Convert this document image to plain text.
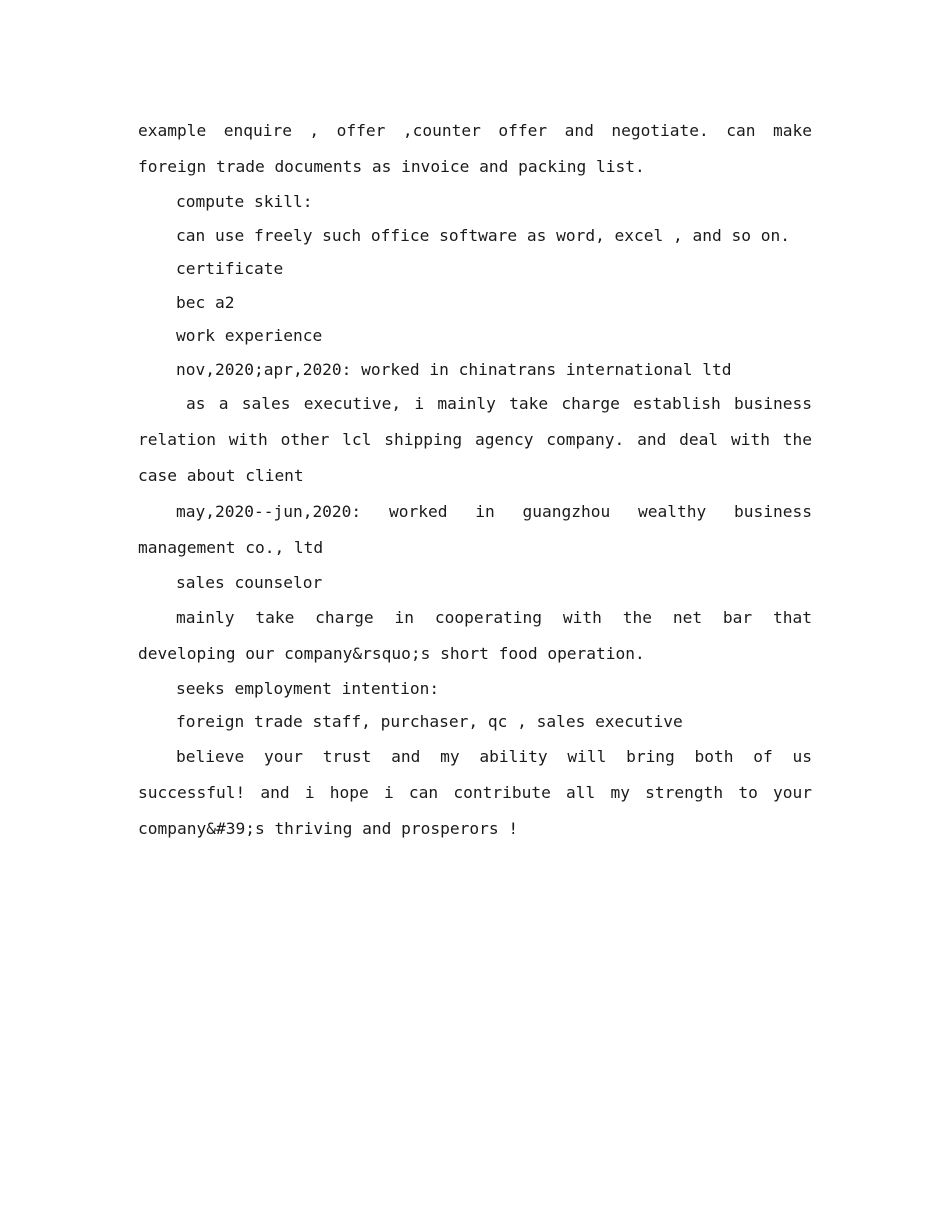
example enquire , offer ,counter offer and negotiate. can make foreign trade documents as invoice and packing list.

compute skill:

can use freely such office software as word, excel , and so on.

certificate

bec a2

work experience

nov,2020;apr,2020: worked in chinatrans international ltd

as a sales executive, i mainly take charge establish business relation with other lcl shipping agency company. and deal with the case about client

may,2020--jun,2020: worked in guangzhou wealthy business management co., ltd

sales counselor

mainly take charge in cooperating with the net bar that developing our company&rsquo;s short food operation.

seeks employment intention:

foreign trade staff, purchaser, qc , sales executive

believe your trust and my ability will bring both of us successful! and i hope i can contribute all my strength to your company&#39;s thriving and prosperors !
